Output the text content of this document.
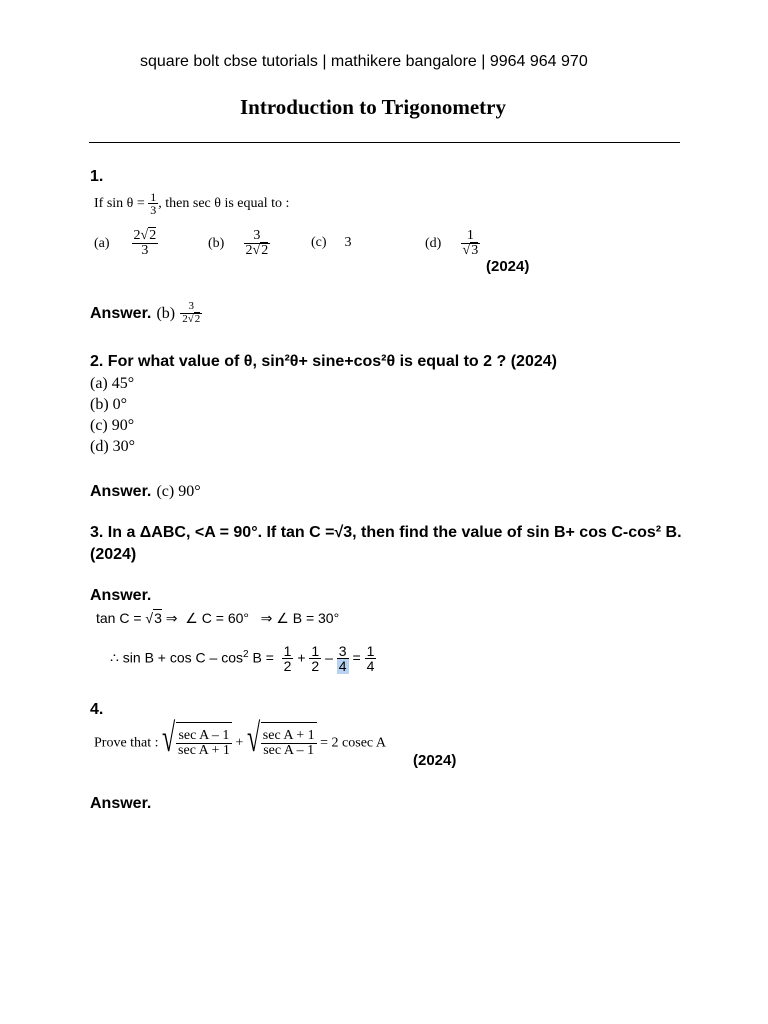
square bolt cbse tutorials | mathikere bangalore | 9964 964 970
Introduction to Trigonometry
1.
If $\sin \theta = \frac{1}{3}$ , then sec θ is equal to :
$(a) \frac{2√2}{3}$	$(b) \frac{3}{2√2}$	(c) 3	$(d) \frac{1}{√3}$
(2024)
Answer. $(b) \frac{3}{2√2}$
2. For what value of θ, sin²θ+ sine+cos²θ is equal to 2 ? (2024)
(a) 45°
(b) 0°
(c) 90°
(d) 30°
Answer. (c) 90°
3. In a ΔABC, <A = 90°. If tan C =√3, then find the value of sin B+ cos C-cos² B.
(2024)
Answer.
tan C = √3 ⇒  ∠ C = 60°   ⇒ ∠ B = 30°
∴ $\sin B + \cos C - \cos^2 B = \frac{1}{2} + \frac{1}{2} - \frac{3}{4} = \frac{1}{4}$
4.
Prove that : √ $\frac{\text{sec A – 1}}{\text{sec A + 1}}$ + √ $\frac{\text{sec A + 1}}{\text{sec A – 1}} = 2$ cosec A
(2024)
Answer.
